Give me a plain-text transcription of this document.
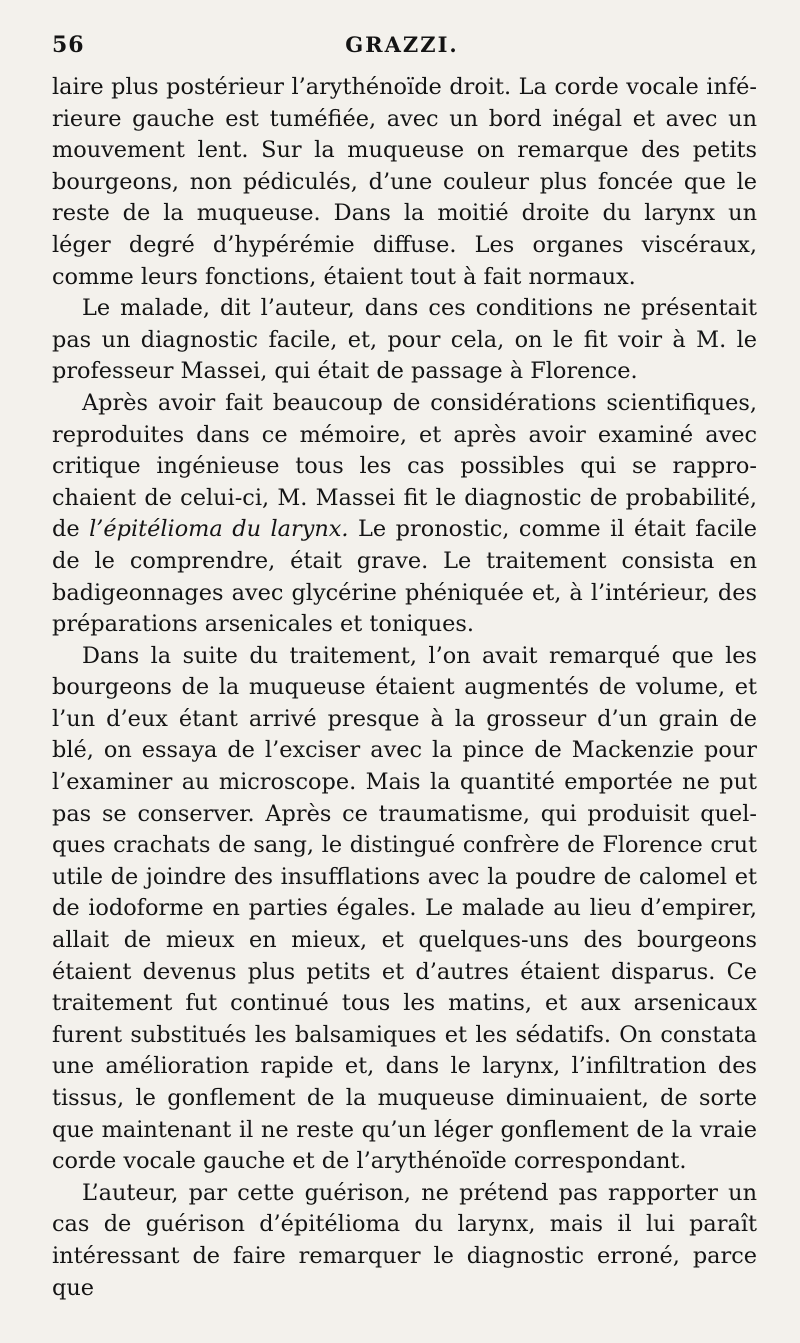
56	GRAZZI.

laire plus postérieur l’arythénoïde droit. La corde vocale inférieure gauche est tuméfiée, avec un bord inégal et avec un mouvement lent. Sur la muqueuse on remarque des petits bourgeons, non pédiculés, d’une couleur plus foncée que le reste de la muqueuse. Dans la moitié droite du larynx un léger degré d’hypérémie diffuse. Les organes viscéraux, comme leurs fonctions, étaient tout à fait normaux.

Le malade, dit l’auteur, dans ces conditions ne présentait pas un diagnostic facile, et, pour cela, on le fit voir à M. le professeur Massei, qui était de passage à Florence.

Après avoir fait beaucoup de considérations scientifiques, reproduites dans ce mémoire, et après avoir examiné avec critique ingénieuse tous les cas possibles qui se rapprochaient de celui-ci, M. Massei fit le diagnostic de probabilité, de l’épitélioma du larynx. Le pronostic, comme il était facile de le comprendre, était grave. Le traitement consista en badigeonnages avec glycérine phéniquée et, à l’intérieur, des préparations arsenicales et toniques.

Dans la suite du traitement, l’on avait remarqué que les bourgeons de la muqueuse étaient augmentés de volume, et l’un d’eux étant arrivé presque à la grosseur d’un grain de blé, on essaya de l’exciser avec la pince de Mackenzie pour l’examiner au microscope. Mais la quantité emportée ne put pas se conserver. Après ce traumatisme, qui produisit quelques crachats de sang, le distingué confrère de Florence crut utile de joindre des insufflations avec la poudre de calomel et de iodoforme en parties égales. Le malade au lieu d’empirer, allait de mieux en mieux, et quelques-uns des bourgeons étaient devenus plus petits et d’autres étaient disparus. Ce traitement fut continué tous les matins, et aux arsenicaux furent substitués les balsamiques et les sédatifs. On constata une amélioration rapide et, dans le larynx, l’infiltration des tissus, le gonflement de la muqueuse diminuaient, de sorte que maintenant il ne reste qu’un léger gonflement de la vraie corde vocale gauche et de l’arythénoïde correspondant.

L’auteur, par cette guérison, ne prétend pas rapporter un cas de guérison d’épitélioma du larynx, mais il lui paraît intéressant de faire remarquer le diagnostic erroné, parce que
